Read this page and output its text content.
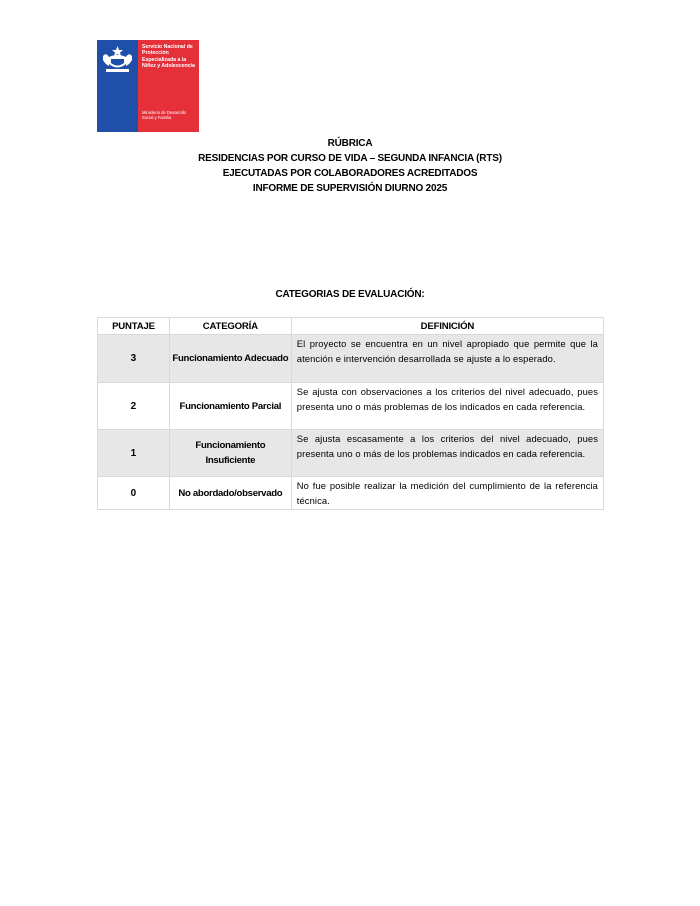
Servicio Nacional de Protección Especializada a la Niñez y Adolescencia
Ministerio de Desarrollo Social y Familia
RÚBRICA
RESIDENCIAS POR CURSO DE VIDA – SEGUNDA INFANCIA (RTS)
EJECUTADAS POR COLABORADORES ACREDITADOS
INFORME DE SUPERVISIÓN DIURNO 2025
CATEGORIAS DE EVALUACIÓN:
PUNTAJE	CATEGORÍA	DEFINICIÓN
3	Funcionamiento Adecuado	El proyecto se encuentra en un nivel apropiado que permite que la atención e intervención desarrollada se ajuste a lo esperado.
2	Funcionamiento Parcial	Se ajusta con observaciones a los criterios del nivel adecuado, pues presenta uno o más problemas de los indicados en cada referencia.
1	Funcionamiento Insuficiente	Se ajusta escasamente a los criterios del nivel adecuado, pues presenta uno o más de los problemas indicados en cada referencia.
0	No abordado/observado	No fue posible realizar la medición del cumplimiento de la referencia técnica.
